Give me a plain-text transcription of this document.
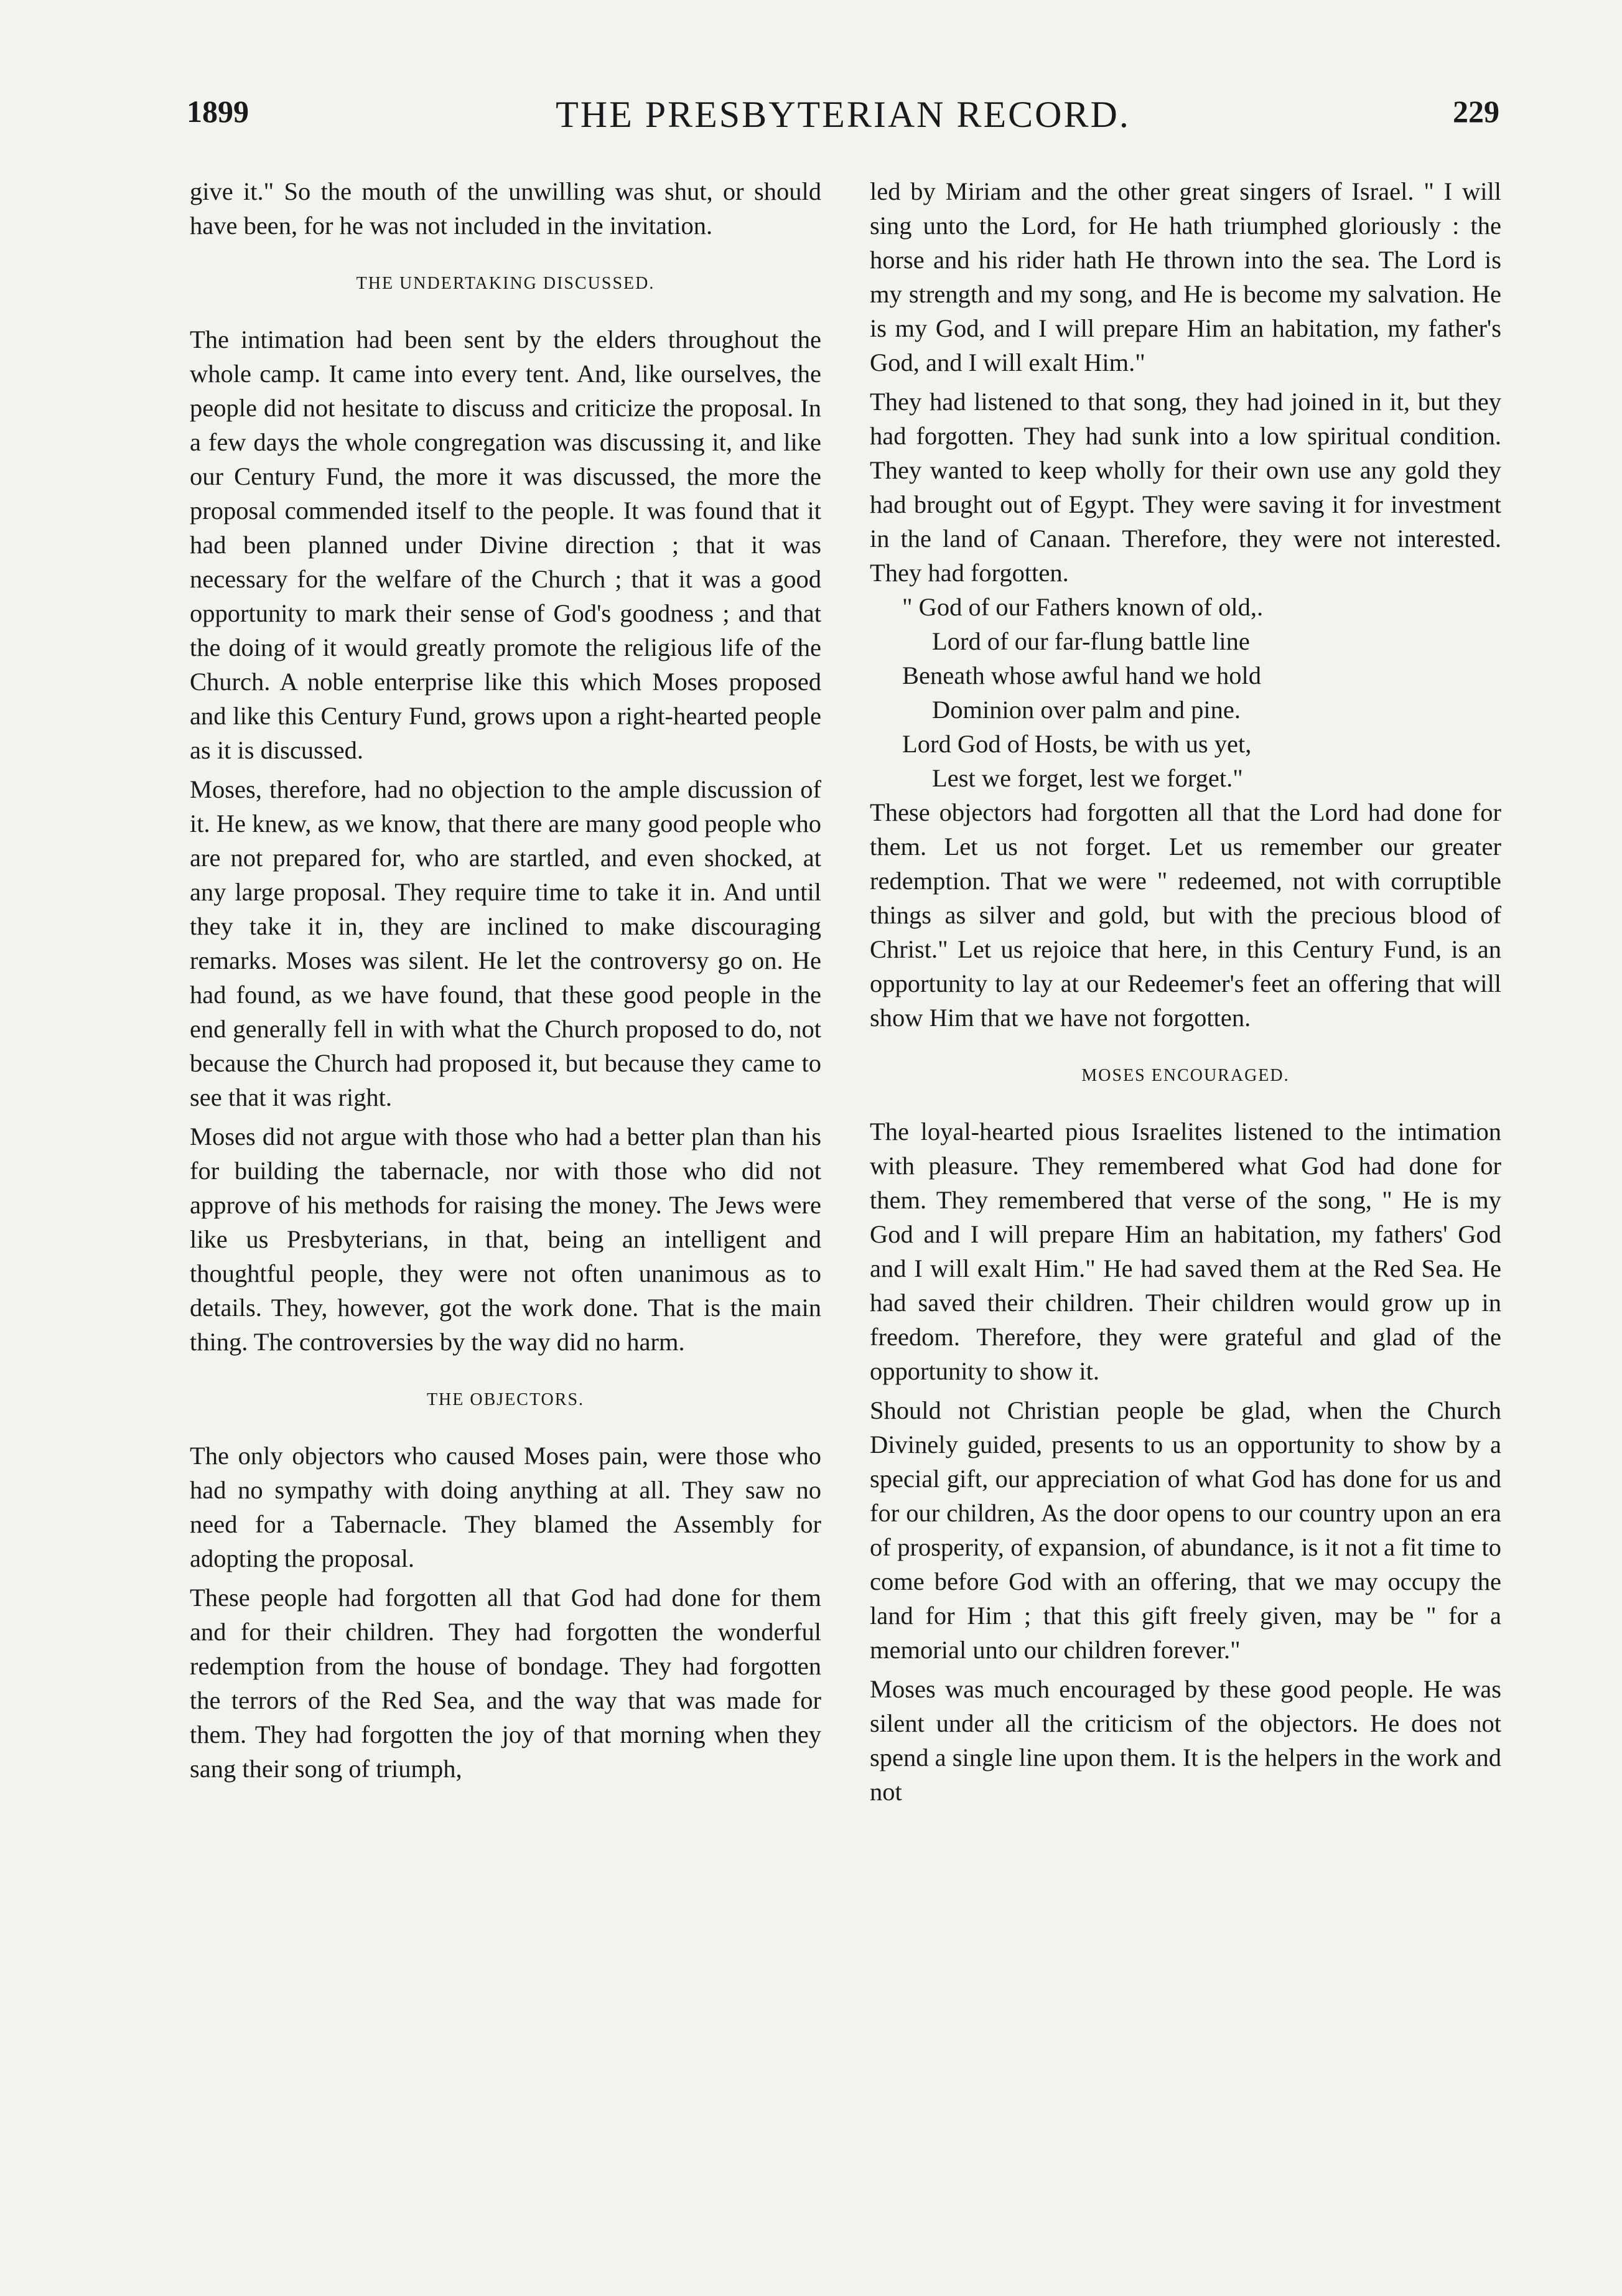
1899	THE PRESBYTERIAN RECORD.	229

give it." So the mouth of the unwilling was shut, or should have been, for he was not included in the invitation.

THE UNDERTAKING DISCUSSED.

The intimation had been sent by the elders throughout the whole camp. It came into every tent. And, like ourselves, the people did not hesitate to discuss and criticize the proposal. In a few days the whole congregation was discussing it, and like our Century Fund, the more it was discussed, the more the proposal commended itself to the people. It was found that it had been planned under Divine direction ; that it was necessary for the welfare of the Church ; that it was a good opportunity to mark their sense of God's goodness ; and that the doing of it would greatly promote the religious life of the Church. A noble enterprise like this which Moses proposed and like this Century Fund, grows upon a right-hearted people as it is discussed.

Moses, therefore, had no objection to the ample discussion of it. He knew, as we know, that there are many good people who are not prepared for, who are startled, and even shocked, at any large proposal. They require time to take it in. And until they take it in, they are inclined to make discouraging remarks. Moses was silent. He let the controversy go on. He had found, as we have found, that these good people in the end generally fell in with what the Church proposed to do, not because the Church had proposed it, but because they came to see that it was right.

Moses did not argue with those who had a better plan than his for building the tabernacle, nor with those who did not approve of his methods for raising the money. The Jews were like us Presbyterians, in that, being an intelligent and thoughtful people, they were not often unanimous as to details. They, however, got the work done. That is the main thing. The controversies by the way did no harm.

THE OBJECTORS.

The only objectors who caused Moses pain, were those who had no sympathy with doing anything at all. They saw no need for a Tabernacle. They blamed the Assembly for adopting the proposal.

These people had forgotten all that God had done for them and for their children. They had forgotten the wonderful redemption from the house of bondage. They had forgotten the terrors of the Red Sea, and the way that was made for them. They had forgotten the joy of that morning when they sang their song of triumph,

led by Miriam and the other great singers of Israel. " I will sing unto the Lord, for He hath triumphed gloriously : the horse and his rider hath He thrown into the sea. The Lord is my strength and my song, and He is become my salvation. He is my God, and I will prepare Him an habitation, my father's God, and I will exalt Him."

They had listened to that song, they had joined in it, but they had forgotten. They had sunk into a low spiritual condition. They wanted to keep wholly for their own use any gold they had brought out of Egypt. They were saving it for investment in the land of Canaan. Therefore, they were not interested. They had forgotten.

" God of our Fathers known of old,.
Lord of our far-flung battle line
Beneath whose awful hand we hold
Dominion over palm and pine.
Lord God of Hosts, be with us yet,
Lest we forget, lest we forget."

These objectors had forgotten all that the Lord had done for them. Let us not forget. Let us remember our greater redemption. That we were " redeemed, not with corruptible things as silver and gold, but with the precious blood of Christ." Let us rejoice that here, in this Century Fund, is an opportunity to lay at our Redeemer's feet an offering that will show Him that we have not forgotten.

MOSES ENCOURAGED.

The loyal-hearted pious Israelites listened to the intimation with pleasure. They remembered what God had done for them. They remembered that verse of the song, " He is my God and I will prepare Him an habitation, my fathers' God and I will exalt Him." He had saved them at the Red Sea. He had saved their children. Their children would grow up in freedom. Therefore, they were grateful and glad of the opportunity to show it.

Should not Christian people be glad, when the Church Divinely guided, presents to us an opportunity to show by a special gift, our appreciation of what God has done for us and for our children, As the door opens to our country upon an era of prosperity, of expansion, of abundance, is it not a fit time to come before God with an offering, that we may occupy the land for Him ; that this gift freely given, may be " for a memorial unto our children forever."

Moses was much encouraged by these good people. He was silent under all the criticism of the objectors. He does not spend a single line upon them. It is the helpers in the work and not
